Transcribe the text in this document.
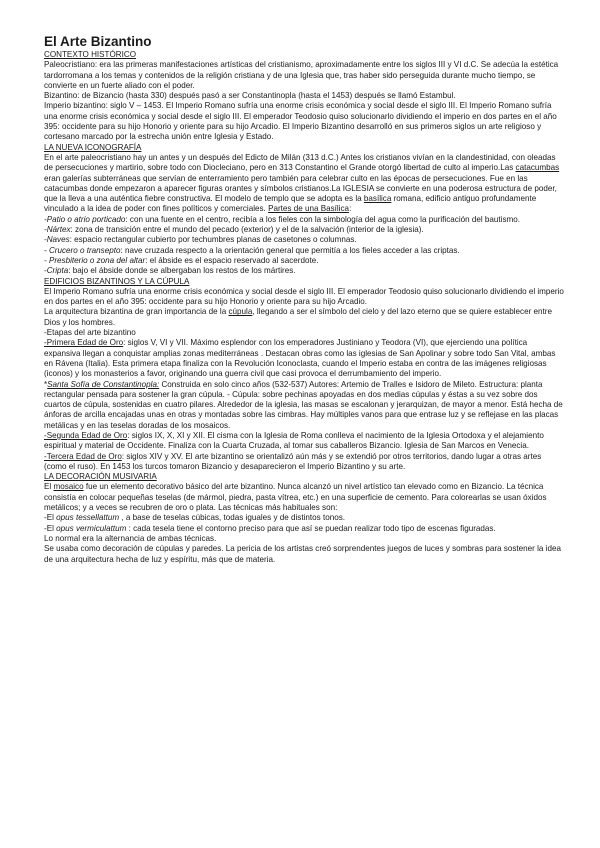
El Arte Bizantino
CONTEXTO HISTÓRICO

Paleocristiano: era las primeras manifestaciones artísticas del cristianismo, aproximadamente entre los siglos III y VI d.C. Se adecúa la estética tardorromana a los temas y contenidos de la religión cristiana y de una Iglesia que, tras haber sido perseguida durante mucho tiempo, se convierte en un fuerte aliado con el poder.

Bizantino: de Bizancio (hasta 330) después pasó a ser Constantinopla (hasta el 1453) después se llamó Estambul.

Imperio bizantino: siglo V – 1453. El Imperio Romano sufría una enorme crisis económica y social desde el siglo III. El Imperio Romano sufría una enorme crisis económica y social desde el siglo III. El emperador Teodosio quiso solucionarlo dividiendo el imperio en dos partes en el año 395: occidente para su hijo Honorio y oriente para su hijo Arcadio. El Imperio Bizantino desarrolló en sus primeros siglos un arte religioso y cortesano marcado por la estrecha unión entre Iglesia y Estado.

LA NUEVA ICONOGRAFÍA

En el arte paleocristiano hay un antes y un después del Edicto de Milán (313 d.C.) Antes los cristianos vivían en la clandestinidad, con oleadas de persecuciones y martirio, sobre todo con Diocleciano, pero en 313 Constantino el Grande otorgó libertad de culto al imperio.Las catacumbas eran galerías subterráneas que servían de enterramiento pero también para celebrar culto en las épocas de persecuciones. Fue en las catacumbas donde empezaron a aparecer figuras orantes y símbolos cristianos.La IGLESIA se convierte en una poderosa estructura de poder, que la lleva a una auténtica fiebre constructiva. El modelo de templo que se adopta es la basílica romana, edificio antiguo profundamente vinculado a la idea de poder con fines políticos y comerciales. Partes de una Basílica:

-Patio o atrio porticado: con una fuente en el centro, recibía a los fieles con la simbología del agua como la purificación del bautismo.

-Nártex: zona de transición entre el mundo del pecado (exterior) y el de la salvación (interior de la iglesia).

-Naves: espacio rectangular cubierto por techumbres planas de casetones o columnas.

- Crucero o transepto: nave cruzada respecto a la orientación general que permitía a los fieles acceder a las criptas.

- Presbiterio o zona del altar: el ábside es el espacio reservado al sacerdote.

-Cripta: bajo el ábside donde se albergaban los restos de los mártires.

EDIFICIOS BIZANTINOS Y LA CÚPULA

El Imperio Romano sufría una enorme crisis económica y social desde el siglo III. El emperador Teodosio quiso solucionarlo dividiendo el imperio en dos partes en el año 395: occidente para su hijo Honorio y oriente para su hijo Arcadio.

La arquitectura bizantina de gran importancia de la cúpula, llegando a ser el símbolo del cielo y del lazo eterno que se quiere establecer entre Dios y los hombres.

-Etapas del arte bizantino

-Primera Edad de Oro: siglos V, VI y VII. Máximo esplendor con los emperadores Justiniano y Teodora (VI), que ejerciendo una política expansiva llegan a conquistar amplias zonas mediterráneas . Destacan obras como las iglesias de San Apolinar y sobre todo San Vital, ambas en Rávena (Italia). Esta primera etapa finaliza con la Revolución Iconoclasta, cuando el Imperio estaba en contra de las imágenes religiosas (iconos) y los monasterios a favor, originando una guerra civil que casi provoca el derrumbamiento del imperio.

*Santa Sofía de Constantinopla: Construida en solo cinco años (532-537) Autores: Artemio de Tralles e Isidoro de Mileto. Estructura: planta rectangular pensada para sostener la gran cúpula. - Cúpula: sobre pechinas apoyadas en dos medias cúpulas y éstas a su vez sobre dos cuartos de cúpula, sostenidas en cuatro pilares. Alrededor de la iglesia, las masas se escalonan y jerarquizan, de mayor a menor. Está hecha de ánforas de arcilla encajadas unas en otras y montadas sobre las cimbras. Hay múltiples vanos para que entrase luz y se reflejase en las placas metálicas y en las teselas doradas de los mosaicos.

-Segunda Edad de Oro: siglos IX, X, XI y XII. El cisma con la Iglesia de Roma conlleva el nacimiento de la Iglesia Ortodoxa y el alejamiento espiritual y material de Occidente. Finaliza con la Cuarta Cruzada, al tomar sus caballeros Bizancio. Iglesia de San Marcos en Venecia.

-Tercera Edad de Oro: siglos XIV y XV. El arte bizantino se orientalizó aún más y se extendió por otros territorios, dando lugar a otras artes (como el ruso). En 1453 los turcos tomaron Bizancio y desaparecieron el Imperio Bizantino y su arte.

LA DECORACIÓN MUSIVARIA

El mosaico fue un elemento decorativo básico del arte bizantino. Nunca alcanzó un nivel artístico tan elevado como en Bizancio. La técnica consistía en colocar pequeñas teselas (de mármol, piedra, pasta vítrea, etc.) en una superficie de cemento. Para colorearlas se usan óxidos metálicos; y a veces se recubren de oro o plata. Las técnicas más habituales son:

-El opus tessellattum , a base de teselas cúbicas, todas iguales y de distintos tonos.

-El opus vermiculattum : cada tesela tiene el contorno preciso para que así se puedan realizar todo tipo de escenas figuradas.

Lo normal era la alternancia de ambas técnicas.

Se usaba como decoración de cúpulas y paredes. La pericia de los artistas creó sorprendentes juegos de luces y sombras para sostener la idea de una arquitectura hecha de luz y espíritu, más que de materia.
